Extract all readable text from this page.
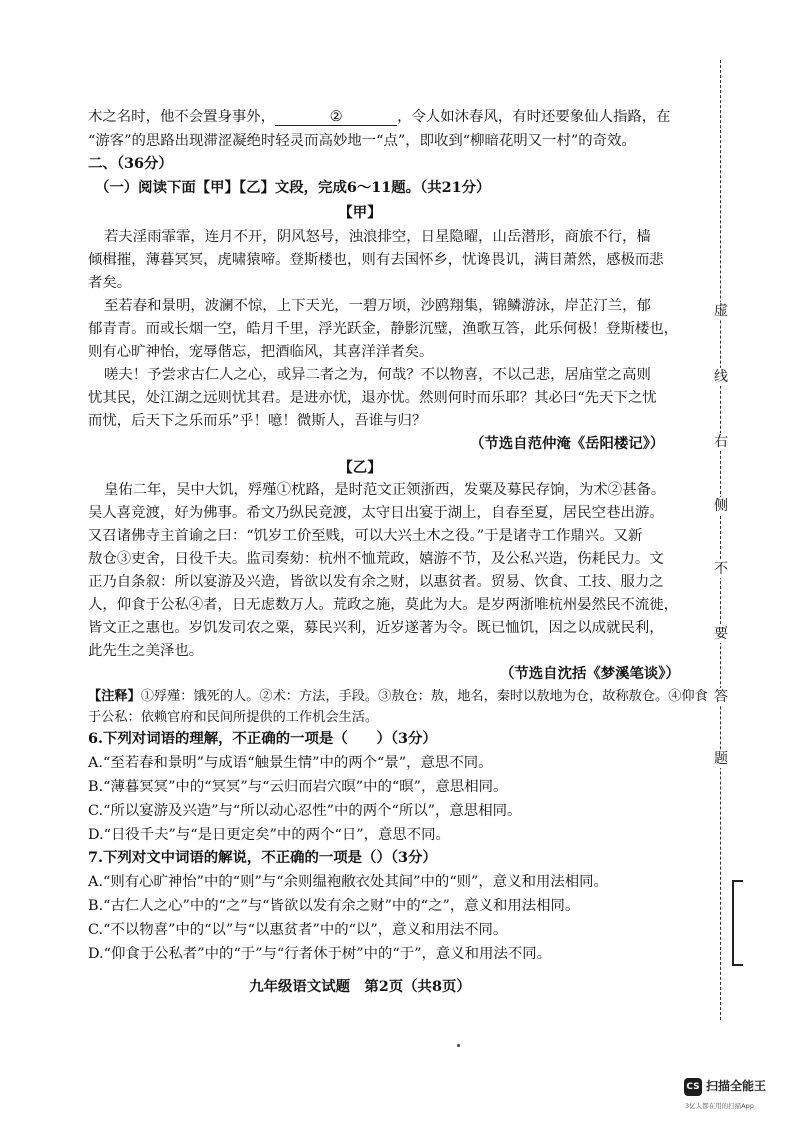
木之名时，他不会置身事外，	②	，令人如沐春风，有时还要象仙人指路，在
“游客”的思路出现滞涩凝绝时轻灵而高妙地一“点”，即收到“柳暗花明又一村”的奇效。
二、（36分）
（一）阅读下面【甲】【乙】文段，完成6～11题。（共21分）
【甲】
若夫淫雨霏霏，连月不开，阴风怒号，浊浪排空，日星隐曜，山岳潜形，商旅不行，樯
倾楫摧，薄暮冥冥，虎啸猿啼。登斯楼也，则有去国怀乡，忧谗畏讥，满目萧然，感极而悲
者矣。
至若春和景明，波澜不惊，上下天光，一碧万顷，沙鸥翔集，锦鳞游泳，岸芷汀兰，郁
郁青青。而或长烟一空，皓月千里，浮光跃金，静影沉璧，渔歌互答，此乐何极！登斯楼也，
则有心旷神怡，宠辱偕忘，把酒临风，其喜洋洋者矣。
嗟夫！予尝求古仁人之心，或异二者之为，何哉？不以物喜，不以己悲，居庙堂之高则
忧其民，处江湖之远则忧其君。是进亦忧，退亦忧。然则何时而乐耶？其必曰“先天下之忧
而忧，后天下之乐而乐”乎！噫！微斯人，吾谁与归？
（节选自范仲淹《岳阳楼记》）
【乙】
皇佑二年，吴中大饥，殍殣①枕路，是时范文正领浙西，发粟及募民存饷，为术②甚备。
吴人喜竞渡，好为佛事。希文乃纵民竞渡，太守日出宴于湖上，自春至夏，居民空巷出游。
又召诸佛寺主首谕之曰：“饥岁工价至贱，可以大兴土木之役。”于是诸寺工作鼎兴。又新
敖仓③吏舍，日役千夫。监司奏劾：杭州不恤荒政，嬉游不节，及公私兴造，伤耗民力。文
正乃自条叙：所以宴游及兴造，皆欲以发有余之财，以惠贫者。贸易、饮食、工技、服力之
人，仰食于公私④者，日无虑数万人。荒政之施，莫此为大。是岁两浙唯杭州晏然民不流徙，
皆文正之惠也。岁饥发司农之粟，募民兴利，近岁遂著为令。既已恤饥，因之以成就民利，
此先生之美泽也。
（节选自沈括《梦溪笔谈》）
【注释】①殍殣：饿死的人。②术：方法，手段。③敖仓：敖，地名，秦时以敖地为仓，故称敖仓。④仰食
于公私：依赖官府和民间所提供的工作机会生活。
6.下列对词语的理解，不正确的一项是（　　）（3分）
A.“至若春和景明”与成语“触景生情”中的两个“景”，意思不同。
B.“薄暮冥冥”中的“冥冥”与“云归而岩穴暝”中的“暝”，意思相同。
C.“所以宴游及兴造”与“所以动心忍性”中的两个“所以”，意思相同。
D.“日役千夫”与“是日更定矣”中的两个“日”，意思不同。
7.下列对文中词语的解说，不正确的一项是（）（3分）
A.“则有心旷神怡”中的“则”与“余则缊袍敝衣处其间”中的“则”，意义和用法相同。
B.“古仁人之心”中的“之”与“皆欲以发有余之财”中的“之”，意义和用法相同。
C.“不以物喜”中的“以”与“以惠贫者”中的“以”，意义和用法不同。
D.“仰食于公私者”中的“于”与“行者休于树”中的“于”，意义和用法不同。
九年级语文试题　第2页（共8页）
虚
线
右
侧
不
要
答
题
CS 扫描全能王
3亿人都在用的扫描App
